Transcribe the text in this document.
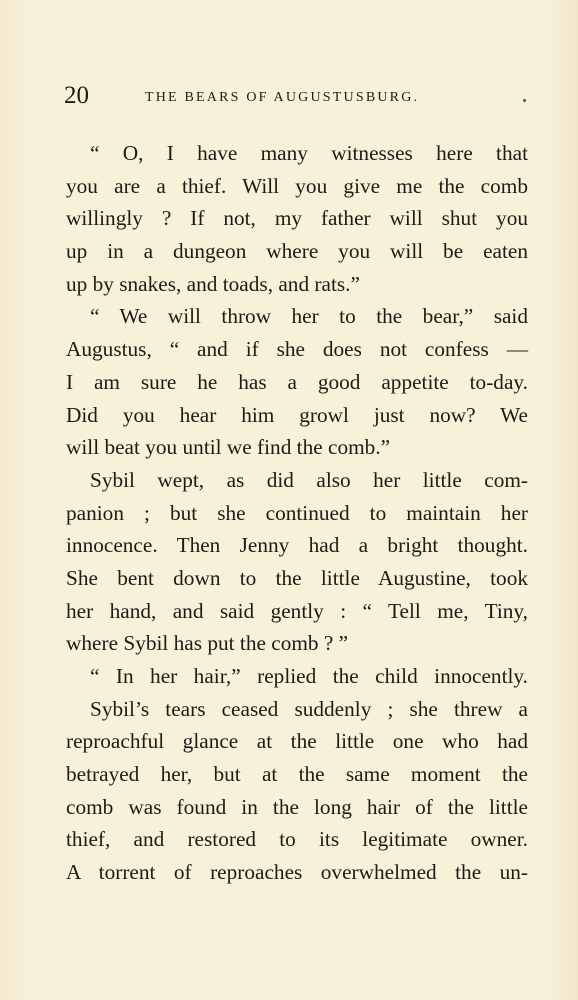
20	THE BEARS OF AUGUSTUSBURG.
“ O, I have many witnesses here that
you are a thief. Will you give me the comb
willingly ? If not, my father will shut you
up in a dungeon where you will be eaten
up by snakes, and toads, and rats.”
“ We will throw her to the bear,” said
Augustus, “ and if she does not confess —
I am sure he has a good appetite to-day.
Did you hear him growl just now? We
will beat you until we find the comb.”
Sybil wept, as did also her little com-
panion ; but she continued to maintain her
innocence. Then Jenny had a bright thought.
She bent down to the little Augustine, took
her hand, and said gently : “ Tell me, Tiny,
where Sybil has put the comb ? ”
“ In her hair,” replied the child innocently.
Sybil’s tears ceased suddenly ; she threw a
reproachful glance at the little one who had
betrayed her, but at the same moment the
comb was found in the long hair of the little
thief, and restored to its legitimate owner.
A torrent of reproaches overwhelmed the un-
